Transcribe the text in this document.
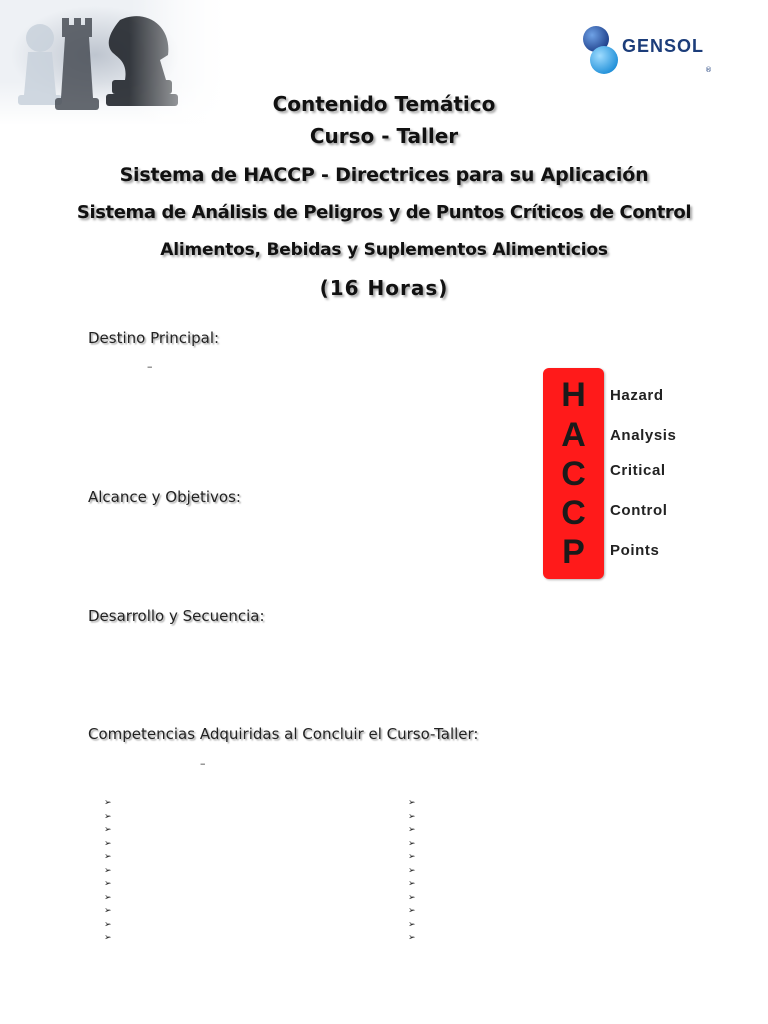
GENSOL
®
Contenido Temático
Curso - Taller
Sistema de HACCP - Directrices para su Aplicación
Sistema de Análisis de Peligros y de Puntos Críticos de Control
Alimentos, Bebidas y Suplementos Alimenticios
(16 Horas)
Destino Principal:
–
Alcance y Objetivos:
Desarrollo y Secuencia:
Competencias Adquiridas al Concluir el Curso-Taller:
–
H
A
C
C
P
Hazard
Analysis
Critical
Control
Points
➢
➢
➢
➢
➢
➢
➢
➢
➢
➢
➢
➢
➢
➢
➢
➢
➢
➢
➢
➢
➢
➢
